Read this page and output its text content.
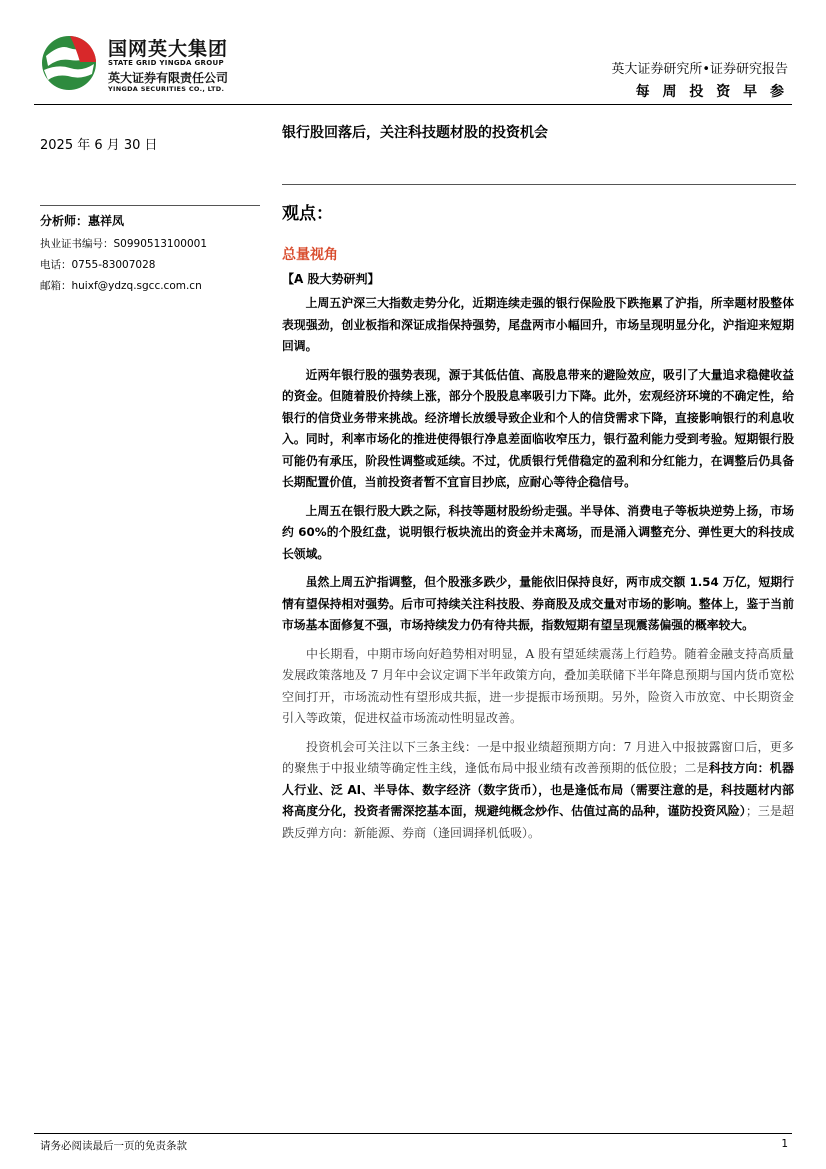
国网英大集团
STATE GRID YINGDA GROUP
英大证券有限责任公司
YINGDA SECURITIES CO., LTD.
英大证券研究所•证券研究报告
每 周 投 资 早 参
2025 年 6 月 30 日
银行股回落后，关注科技题材股的投资机会
分析师：惠祥凤
执业证书编号：S0990513100001
电话：0755-83007028
邮箱：huixf@ydzq.sgcc.com.cn
观点：
总量视角
【A 股大势研判】

上周五沪深三大指数走势分化，近期连续走强的银行保险股下跌拖累了沪指，所幸题材股整体表现强劲，创业板指和深证成指保持强势，尾盘两市小幅回升，市场呈现明显分化，沪指迎来短期回调。

近两年银行股的强势表现，源于其低估值、高股息带来的避险效应，吸引了大量追求稳健收益的资金。但随着股价持续上涨，部分个股股息率吸引力下降。此外，宏观经济环境的不确定性，给银行的信贷业务带来挑战。经济增长放缓导致企业和个人的信贷需求下降，直接影响银行的利息收入。同时，利率市场化的推进使得银行净息差面临收窄压力，银行盈利能力受到考验。短期银行股可能仍有承压，阶段性调整或延续。不过，优质银行凭借稳定的盈利和分红能力，在调整后仍具备长期配置价值，当前投资者暂不宜盲目抄底，应耐心等待企稳信号。

上周五在银行股大跌之际，科技等题材股纷纷走强。半导体、消费电子等板块逆势上扬，市场约 60%的个股红盘，说明银行板块流出的资金并未离场，而是涌入调整充分、弹性更大的科技成长领域。

虽然上周五沪指调整，但个股涨多跌少，量能依旧保持良好，两市成交额 1.54 万亿，短期行情有望保持相对强势。后市可持续关注科技股、券商股及成交量对市场的影响。整体上，鉴于当前市场基本面修复不强，市场持续发力仍有待共振，指数短期有望呈现震荡偏强的概率较大。

中长期看，中期市场向好趋势相对明显，A 股有望延续震荡上行趋势。随着金融支持高质量发展政策落地及 7 月年中会议定调下半年政策方向，叠加美联储下半年降息预期与国内货币宽松空间打开，市场流动性有望形成共振，进一步提振市场预期。另外，险资入市放宽、中长期资金引入等政策，促进权益市场流动性明显改善。

投资机会可关注以下三条主线：一是中报业绩超预期方向：7 月进入中报披露窗口后，更多的聚焦于中报业绩等确定性主线，逢低布局中报业绩有改善预期的低位股；二是科技方向：机器人行业、泛 AI、半导体、数字经济（数字货币），也是逢低布局（需要注意的是，科技题材内部将高度分化，投资者需深挖基本面，规避纯概念炒作、估值过高的品种，谨防投资风险）；三是超跌反弹方向：新能源、券商（逢回调择机低吸）。

请务必阅读最后一页的免责条款	1
